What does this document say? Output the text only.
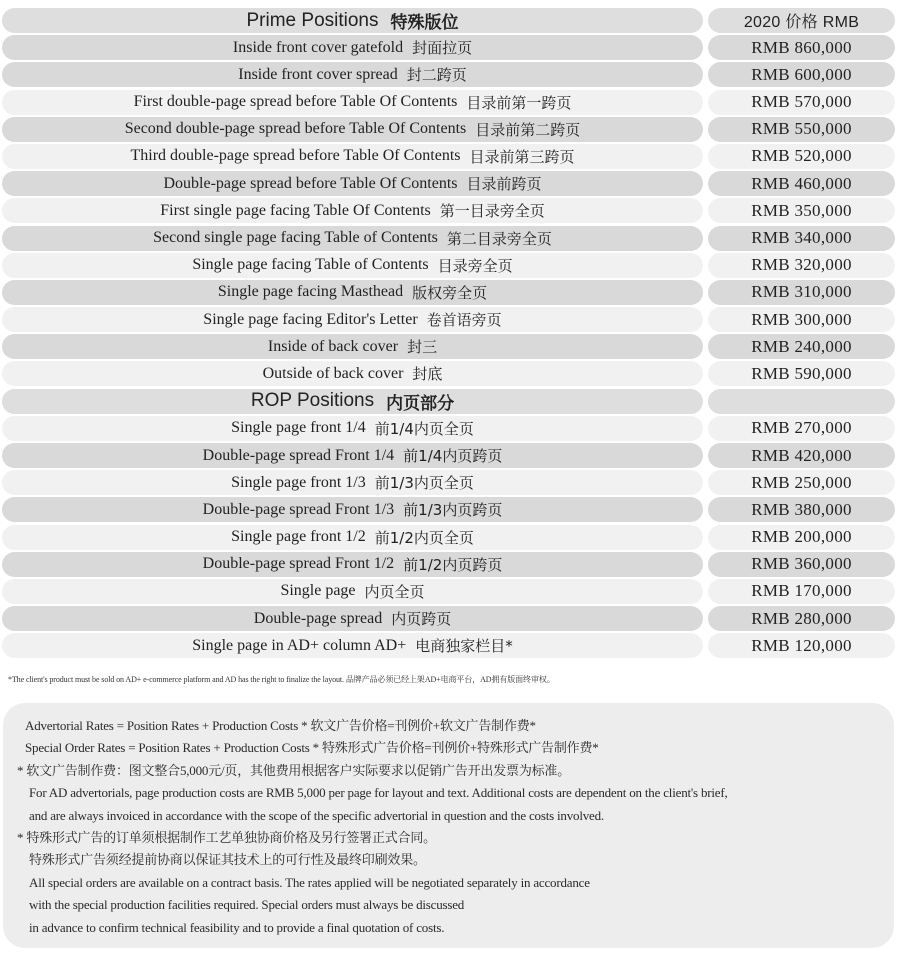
Prime Positions 特殊版位	2020 价格 RMB
Inside front cover gatefold 封面拉页	RMB 860,000
Inside front cover spread 封二跨页	RMB 600,000
First double-page spread before Table Of Contents 目录前第一跨页	RMB 570,000
Second double-page spread before Table Of Contents 目录前第二跨页	RMB 550,000
Third double-page spread before Table Of Contents 目录前第三跨页	RMB 520,000
Double-page spread before Table Of Contents 目录前跨页	RMB 460,000
First single page facing Table Of Contents 第一目录旁全页	RMB 350,000
Second single page facing Table of Contents 第二目录旁全页	RMB 340,000
Single page facing Table of Contents 目录旁全页	RMB 320,000
Single page facing Masthead 版权旁全页	RMB 310,000
Single page facing Editor's Letter 卷首语旁页	RMB 300,000
Inside of back cover 封三	RMB 240,000
Outside of back cover 封底	RMB 590,000
ROP Positions 内页部分
Single page front 1/4 前1/4内页全页	RMB 270,000
Double-page spread Front 1/4 前1/4内页跨页	RMB 420,000
Single page front 1/3 前1/3内页全页	RMB 250,000
Double-page spread Front 1/3 前1/3内页跨页	RMB 380,000
Single page front 1/2 前1/2内页全页	RMB 200,000
Double-page spread Front 1/2 前1/2内页跨页	RMB 360,000
Single page 内页全页	RMB 170,000
Double-page spread 内页跨页	RMB 280,000
Single page in AD+ column AD+ 电商独家栏目*	RMB 120,000
*The client's product must be sold on AD+ e-commerce platform and AD has the right to finalize the layout. 品牌产品必须已经上架AD+电商平台，AD拥有版面终审权。
Advertorial Rates = Position Rates + Production Costs * 软文广告价格=刊例价+软文广告制作费*
Special Order Rates = Position Rates + Production Costs * 特殊形式广告价格=刊例价+特殊形式广告制作费*
* 软文广告制作费：图文整合5,000元/页，其他费用根据客户实际要求以促销广告开出发票为标准。
For AD advertorials, page production costs are RMB 5,000 per page for layout and text. Additional costs are dependent on the client's brief,
and are always invoiced in accordance with the scope of the specific advertorial in question and the costs involved.
* 特殊形式广告的订单须根据制作工艺单独协商价格及另行签署正式合同。
特殊形式广告须经提前协商以保证其技术上的可行性及最终印刷效果。
All special orders are available on a contract basis. The rates applied will be negotiated separately in accordance
with the special production facilities required. Special orders must always be discussed
in advance to confirm technical feasibility and to provide a final quotation of costs.
